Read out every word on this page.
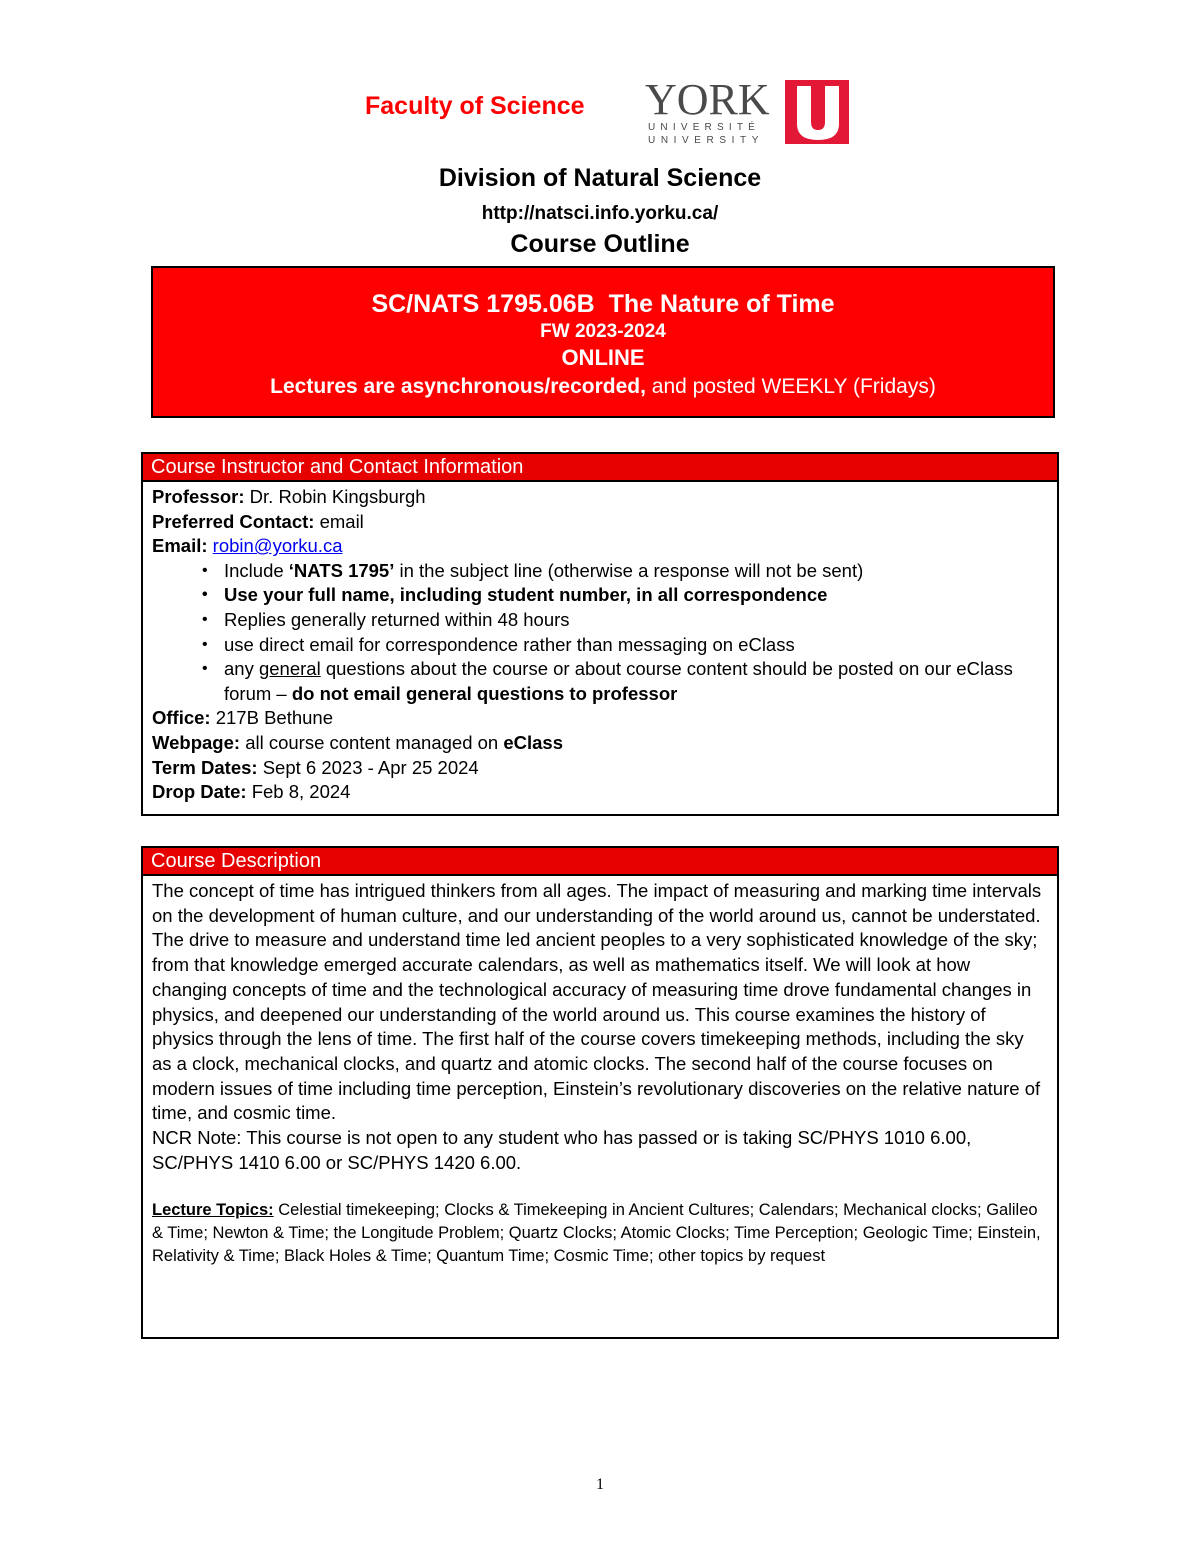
Faculty of Science YORK
UNIVERSITÉ
UNIVERSITY
Division of Natural Science
http://natsci.info.yorku.ca/
Course Outline
SC/NATS 1795.06B  The Nature of Time
FW 2023-2024
ONLINE
Lectures are asynchronous/recorded, and posted WEEKLY (Fridays)
Course Instructor and Contact Information
Professor: Dr. Robin Kingsburgh
Preferred Contact: email
Email: robin@yorku.ca
• Include ‘NATS 1795’ in the subject line (otherwise a response will not be sent)
• Use your full name, including student number, in all correspondence
• Replies generally returned within 48 hours
• use direct email for correspondence rather than messaging on eClass
• any general questions about the course or about course content should be posted on our eClass forum – do not email general questions to professor
Office: 217B Bethune
Webpage: all course content managed on eClass
Term Dates: Sept 6 2023 - Apr 25 2024
Drop Date: Feb 8, 2024
Course Description
The concept of time has intrigued thinkers from all ages. The impact of measuring and marking time intervals on the development of human culture, and our understanding of the world around us, cannot be understated. The drive to measure and understand time led ancient peoples to a very sophisticated knowledge of the sky; from that knowledge emerged accurate calendars, as well as mathematics itself. We will look at how changing concepts of time and the technological accuracy of measuring time drove fundamental changes in physics, and deepened our understanding of the world around us. This course examines the history of physics through the lens of time. The first half of the course covers timekeeping methods, including the sky as a clock, mechanical clocks, and quartz and atomic clocks. The second half of the course focuses on modern issues of time including time perception, Einstein’s revolutionary discoveries on the relative nature of time, and cosmic time.
NCR Note: This course is not open to any student who has passed or is taking SC/PHYS 1010 6.00, SC/PHYS 1410 6.00 or SC/PHYS 1420 6.00.
Lecture Topics: Celestial timekeeping; Clocks & Timekeeping in Ancient Cultures; Calendars; Mechanical clocks; Galileo & Time; Newton & Time; the Longitude Problem; Quartz Clocks; Atomic Clocks; Time Perception; Geologic Time; Einstein, Relativity & Time; Black Holes & Time; Quantum Time; Cosmic Time; other topics by request
1
